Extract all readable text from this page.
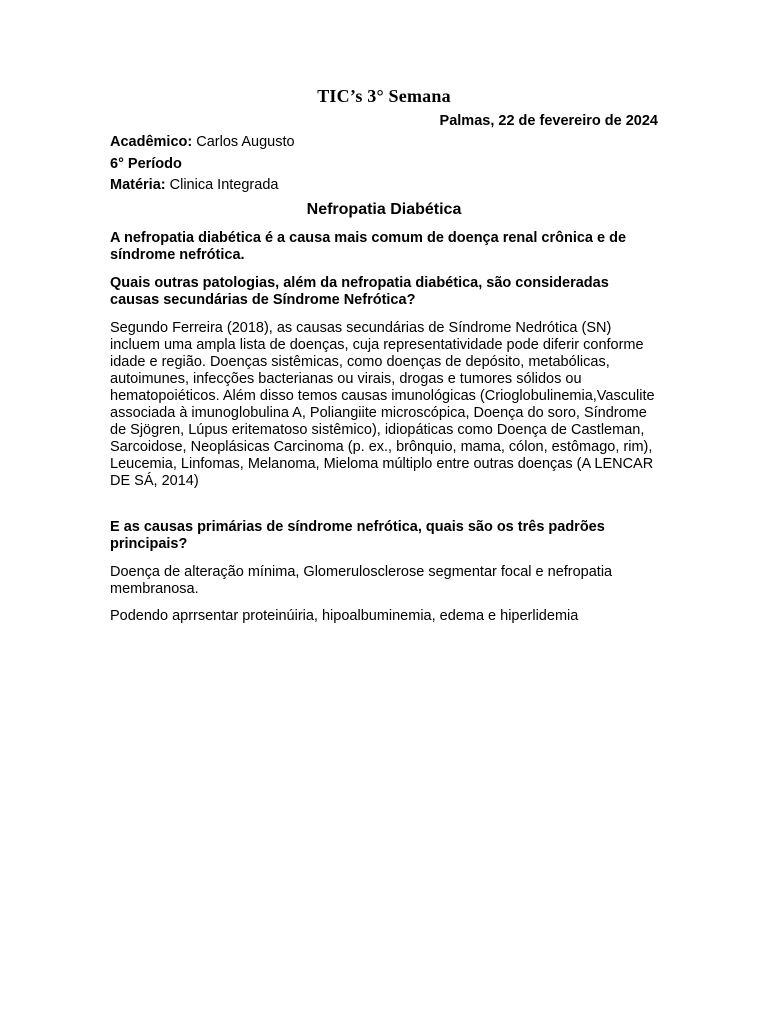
TIC’s 3° Semana
Palmas, 22 de fevereiro de 2024
Acadêmico: Carlos Augusto
6° Período
Matéria: Clinica Integrada
Nefropatia Diabética
A nefropatia diabética é a causa mais comum de doença renal crônica e de síndrome nefrótica.
Quais outras patologias, além da nefropatia diabética, são consideradas causas secundárias de Síndrome Nefrótica?
Segundo Ferreira (2018), as causas secundárias de Síndrome Nedrótica (SN) incluem uma ampla lista de doenças, cuja representatividade pode diferir conforme idade e região. Doenças sistêmicas, como doenças de depósito, metabólicas, autoimunes, infecções bacterianas ou virais, drogas e tumores sólidos ou hematopoiéticos. Além disso temos causas imunológicas (Crioglobulinemia,Vasculite associada à imunoglobulina A, Poliangiite microscópica, Doença do soro, Síndrome de Sjögren, Lúpus eritematoso sistêmico), idiopáticas como Doença de Castleman, Sarcoidose, Neoplásicas Carcinoma (p. ex., brônquio, mama, cólon, estômago, rim), Leucemia, Linfomas, Melanoma, Mieloma múltiplo entre outras doenças (A LENCAR
DE SÁ, 2014)
E as causas primárias de síndrome nefrótica, quais são os três padrões principais?
Doença de alteração mínima, Glomerulosclerose segmentar focal e nefropatia membranosa.
Podendo aprrsentar proteinúiria, hipoalbuminemia, edema e hiperlidemia
